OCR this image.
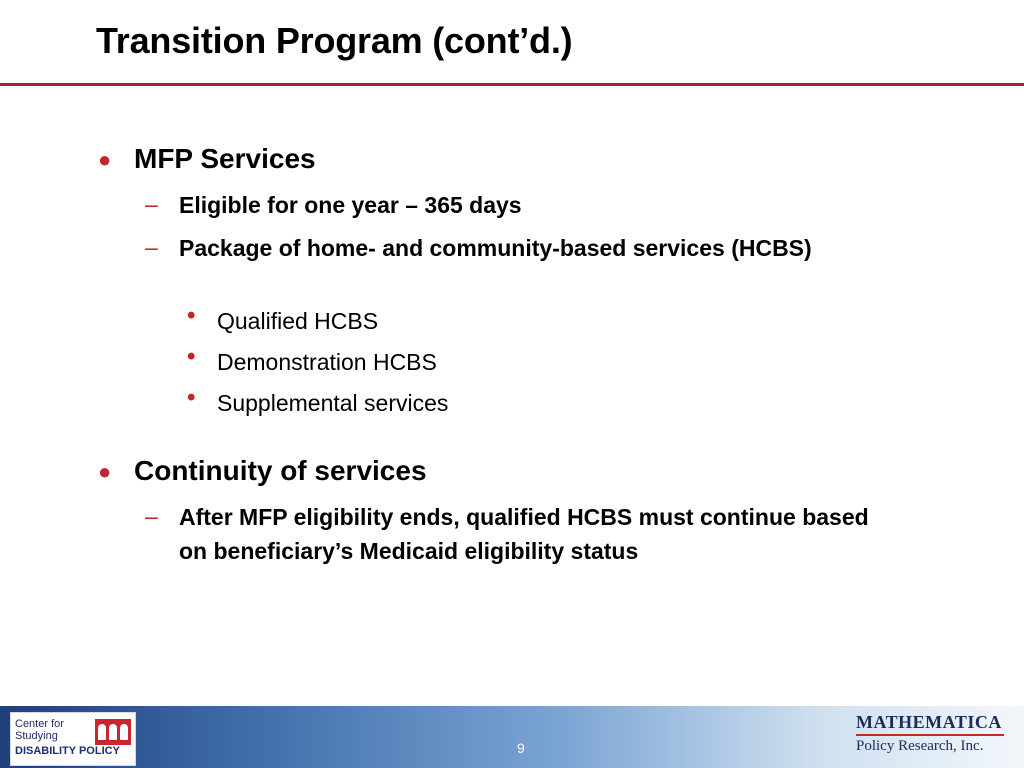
Transition Program (cont’d.)
● MFP Services
– Eligible for one year – 365 days
– Package of home- and community-based services (HCBS)
• Qualified HCBS
• Demonstration HCBS
• Supplemental services
● Continuity of services
– After MFP eligibility ends, qualified HCBS must continue based on beneficiary’s Medicaid eligibility status
Center for
Studying
DISABILITY POLICY	9
MATHEMATICA
Policy Research, Inc.
